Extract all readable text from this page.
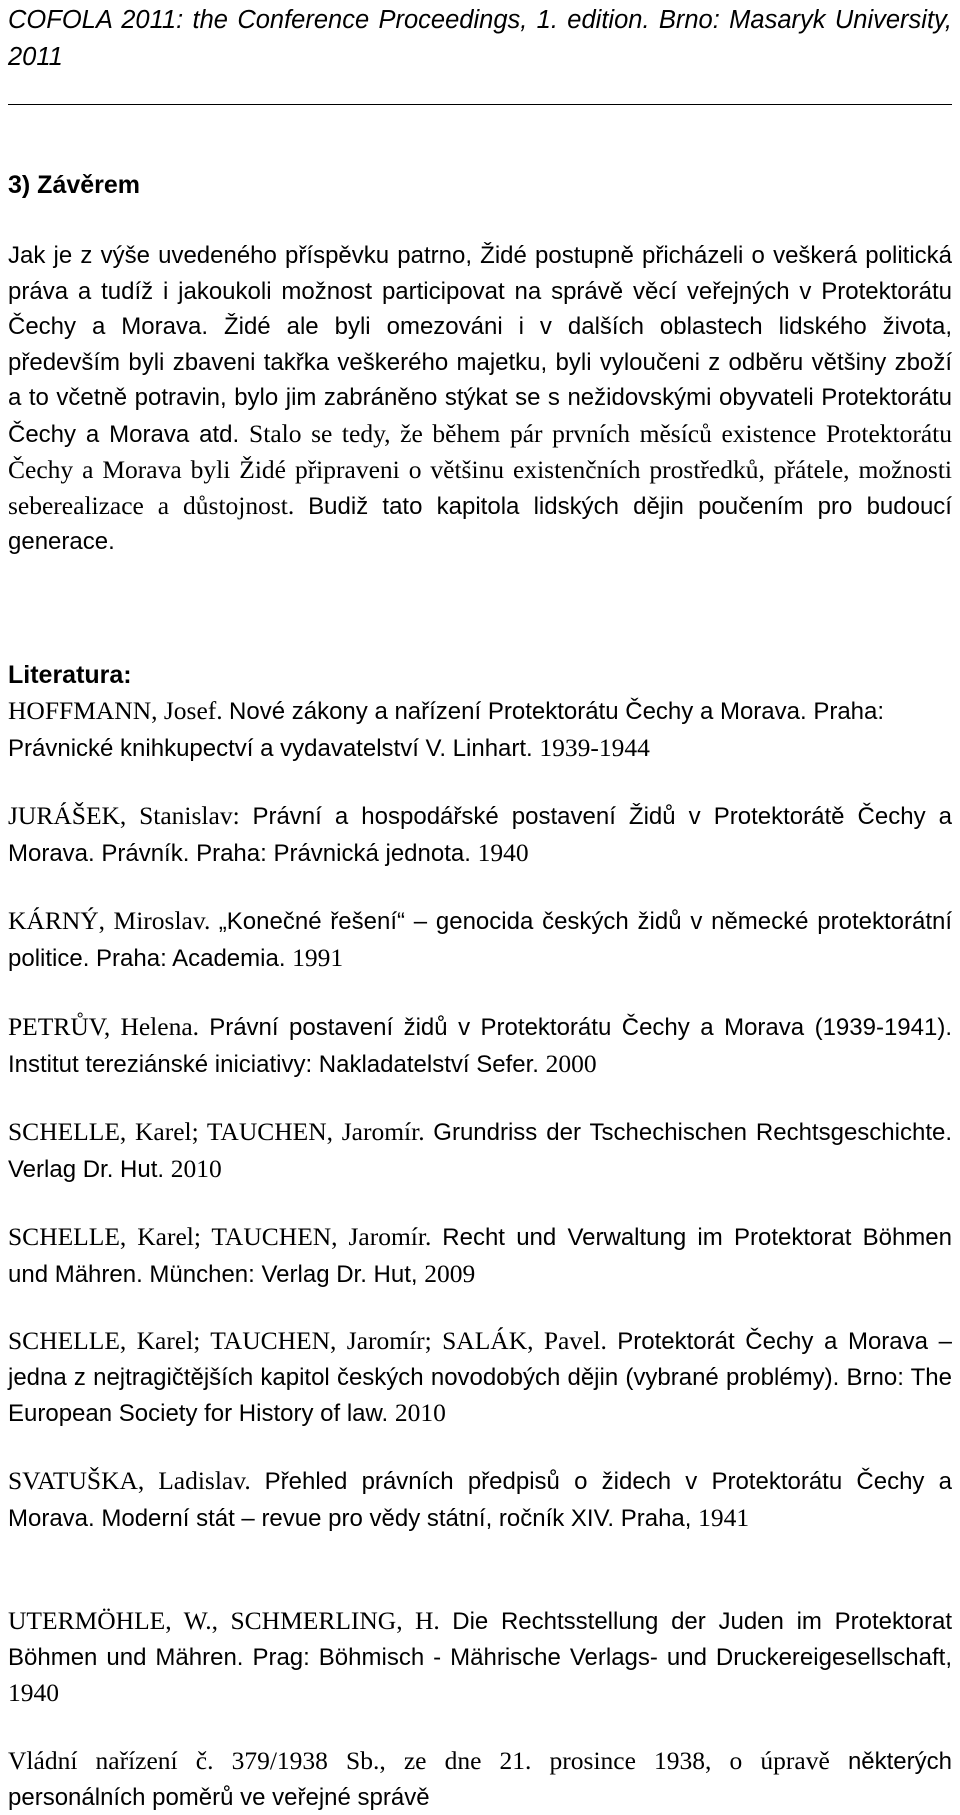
COFOLA 2011: the Conference Proceedings, 1. edition. Brno: Masaryk University, 2011
3) Závěrem

Jak je z výše uvedeného příspěvku patrno, Židé postupně přicházeli o veškerá politická práva a tudíž i jakoukoli možnost participovat na správě věcí veřejných v Protektorátu Čechy a Morava. Židé ale byli omezováni i v dalších oblastech lidského života, především byli zbaveni takřka veškerého majetku, byli vyloučeni z odběru většiny zboží a to včetně potravin, bylo jim zabráněno stýkat se s nežidovskými obyvateli Protektorátu Čechy a Morava atd. Stalo se tedy, že během pár prvních měsíců existence Protektorátu Čechy a Morava byli Židé připraveni o většinu existenčních prostředků, přátele, možnosti seberealizace a důstojnost. Budiž tato kapitola lidských dějin poučením pro budoucí generace.

Literatura:

HOFFMANN, Josef. Nové zákony a nařízení Protektorátu Čechy a Morava. Praha: Právnické knihkupectví a vydavatelství V. Linhart. 1939-1944

JURÁŠEK, Stanislav: Právní a hospodářské postavení Židů v Protektorátě Čechy a Morava. Právník. Praha: Právnická jednota. 1940

KÁRNÝ, Miroslav. „Konečné řešení“ – genocida českých židů v německé protektorátní politice. Praha: Academia. 1991

PETRŮV, Helena. Právní postavení židů v Protektorátu Čechy a Morava (1939-1941). Institut tereziánské iniciativy: Nakladatelství Sefer. 2000

SCHELLE, Karel; TAUCHEN, Jaromír. Grundriss der Tschechischen Rechtsgeschichte. Verlag Dr. Hut. 2010

SCHELLE, Karel; TAUCHEN, Jaromír. Recht und Verwaltung im Protektorat Böhmen und Mähren. München: Verlag Dr. Hut, 2009

SCHELLE, Karel; TAUCHEN, Jaromír; SALÁK, Pavel. Protektorát Čechy a Morava – jedna z nejtragičtějších kapitol českých novodobých dějin (vybrané problémy). Brno: The European Society for History of law. 2010

SVATUŠKA, Ladislav. Přehled právních předpisů o židech v Protektorátu Čechy a Morava. Moderní stát – revue pro vědy státní, ročník XIV. Praha, 1941

UTERMÖHLE, W., SCHMERLING, H. Die Rechtsstellung der Juden im Protektorat Böhmen und Mähren. Prag: Böhmisch - Mährische Verlags- und Druckereigesellschaft, 1940

Vládní nařízení č. 379/1938 Sb., ze dne 21. prosince 1938, o úpravě některých personálních poměrů ve veřejné správě
